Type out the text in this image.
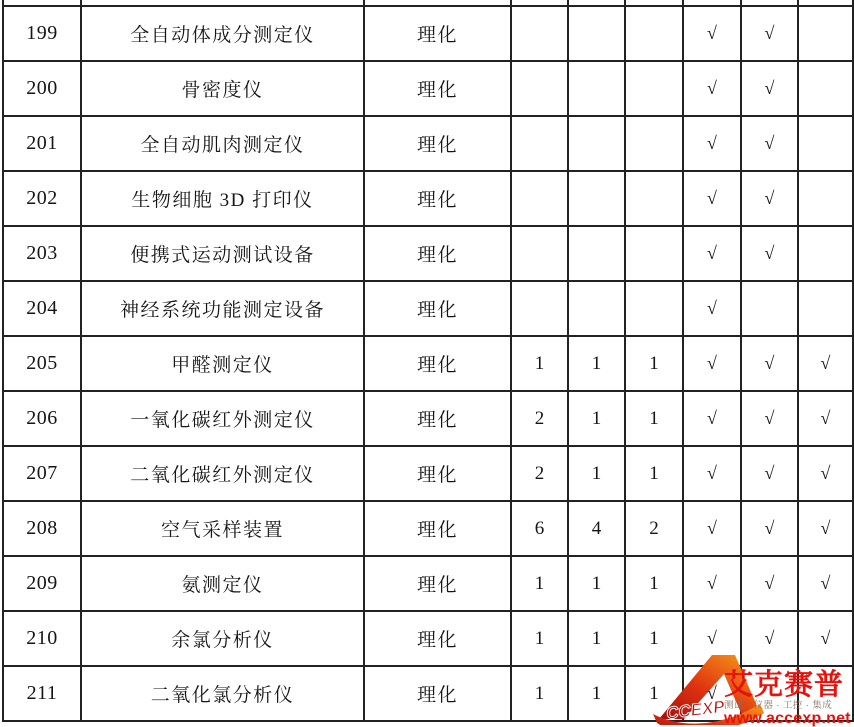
199	全自动体成分测定仪	理化				√	√	
200	骨密度仪	理化				√	√	
201	全自动肌肉测定仪	理化				√	√	
202	生物细胞 3D 打印仪	理化				√	√	
203	便携式运动测试设备	理化				√	√	
204	神经系统功能测定设备	理化				√		
205	甲醛测定仪	理化	1	1	1	√	√	√
206	一氧化碳红外测定仪	理化	2	1	1	√	√	√
207	二氧化碳红外测定仪	理化	2	1	1	√	√	√
208	空气采样装置	理化	6	4	2	√	√	√
209	氨测定仪	理化	1	1	1	√	√	√
210	余氯分析仪	理化	1	1	1	√	√	√
211	二氧化氯分析仪	理化	1	1	1	√		
CCEXP
艾克赛普
测试 · 仪器 · 工控 · 集成
www.accexp.net
